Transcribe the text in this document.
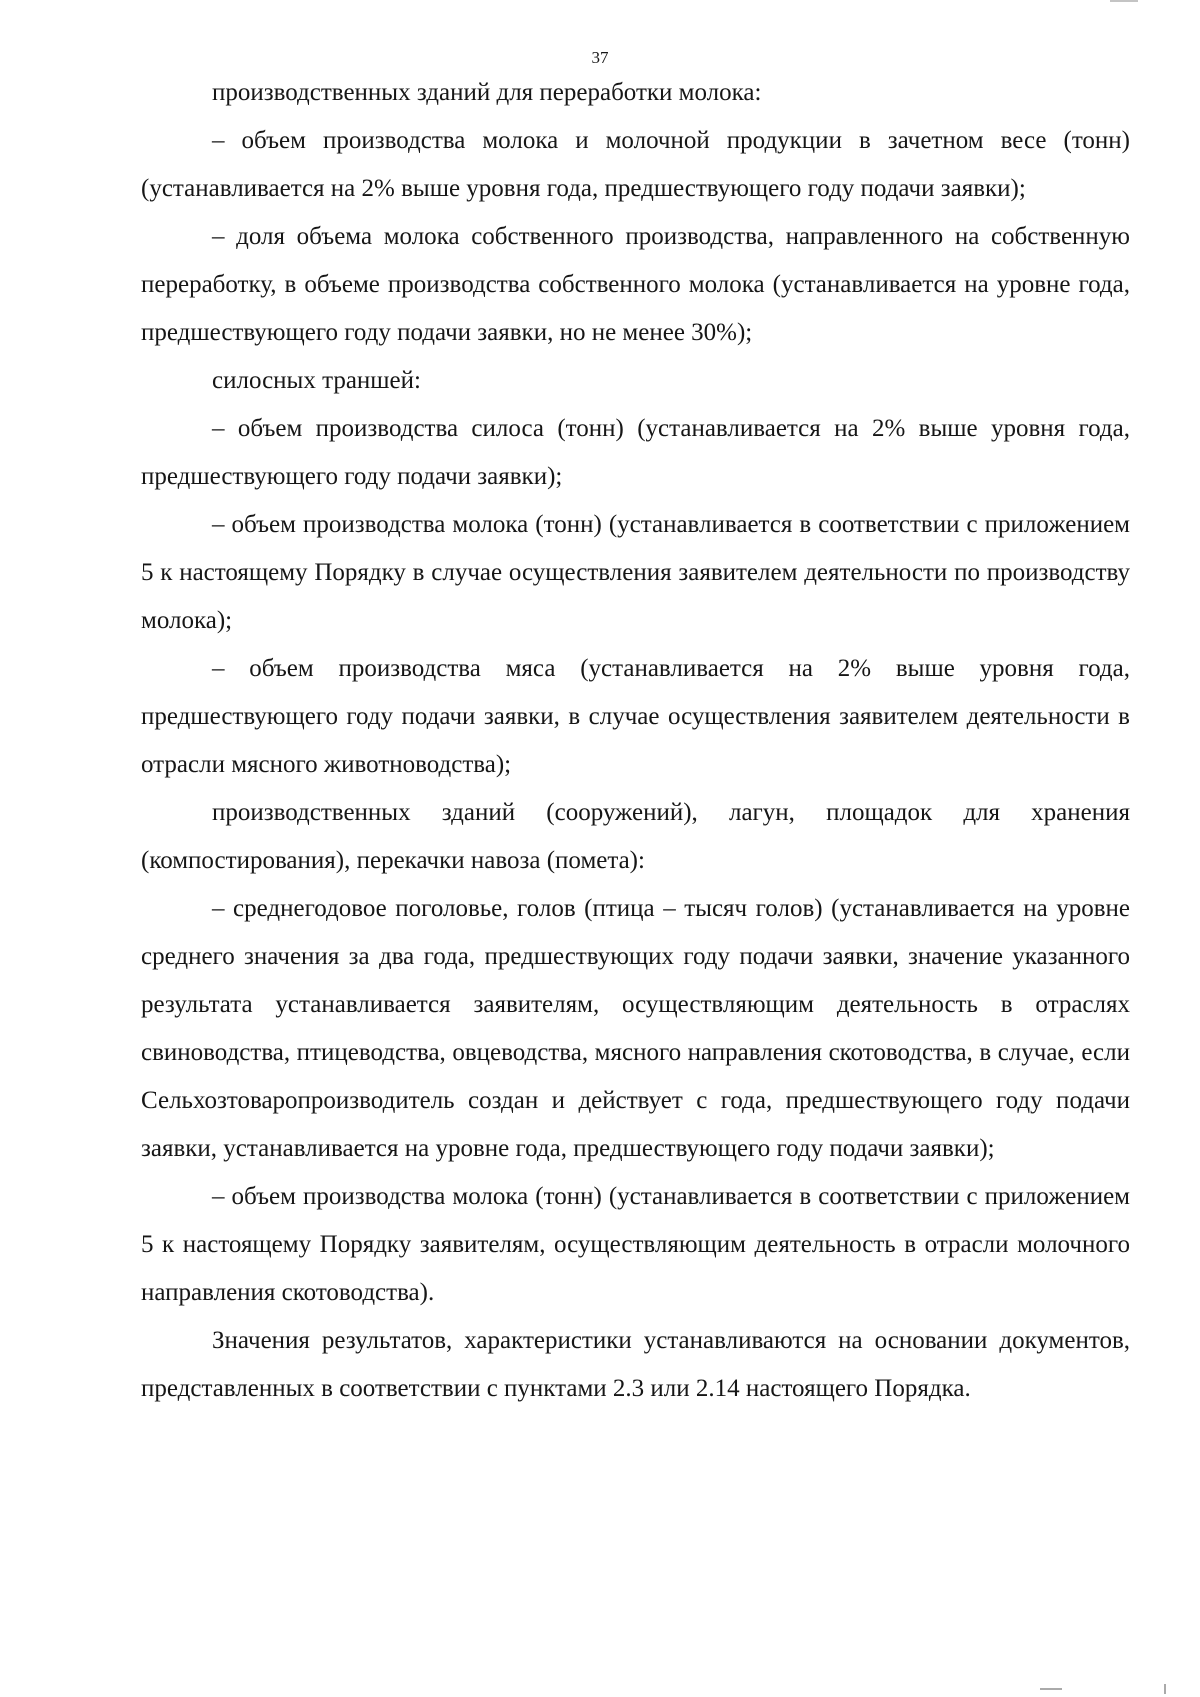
37

производственных зданий для переработки молока:

– объем производства молока и молочной продукции в зачетном весе (тонн) (устанавливается на 2% выше уровня года, предшествующего году подачи заявки);

– доля объема молока собственного производства, направленного на собственную переработку, в объеме производства собственного молока (устанавливается на уровне года, предшествующего году подачи заявки, но не менее 30%);

силосных траншей:

– объем производства силоса (тонн) (устанавливается на 2% выше уровня года, предшествующего году подачи заявки);

– объем производства молока (тонн) (устанавливается в соответствии с приложением 5 к настоящему Порядку в случае осуществления заявителем деятельности по производству молока);

– объем производства мяса (устанавливается на 2% выше уровня года, предшествующего году подачи заявки, в случае осуществления заявителем деятельности в отрасли мясного животноводства);

производственных зданий (сооружений), лагун, площадок для хранения (компостирования), перекачки навоза (помета):

– среднегодовое поголовье, голов (птица – тысяч голов) (устанавливается на уровне среднего значения за два года, предшествующих году подачи заявки, значение указанного результата устанавливается заявителям, осуществляющим деятельность в отраслях свиноводства, птицеводства, овцеводства, мясного направления скотоводства, в случае, если Сельхозтоваропроизводитель создан и действует с года, предшествующего году подачи заявки, устанавливается на уровне года, предшествующего году подачи заявки);

– объем производства молока (тонн) (устанавливается в соответствии с приложением 5 к настоящему Порядку заявителям, осуществляющим деятельность в отрасли молочного направления скотоводства).

Значения результатов, характеристики устанавливаются на основании документов, представленных в соответствии с пунктами 2.3 или 2.14 настоящего Порядка.
